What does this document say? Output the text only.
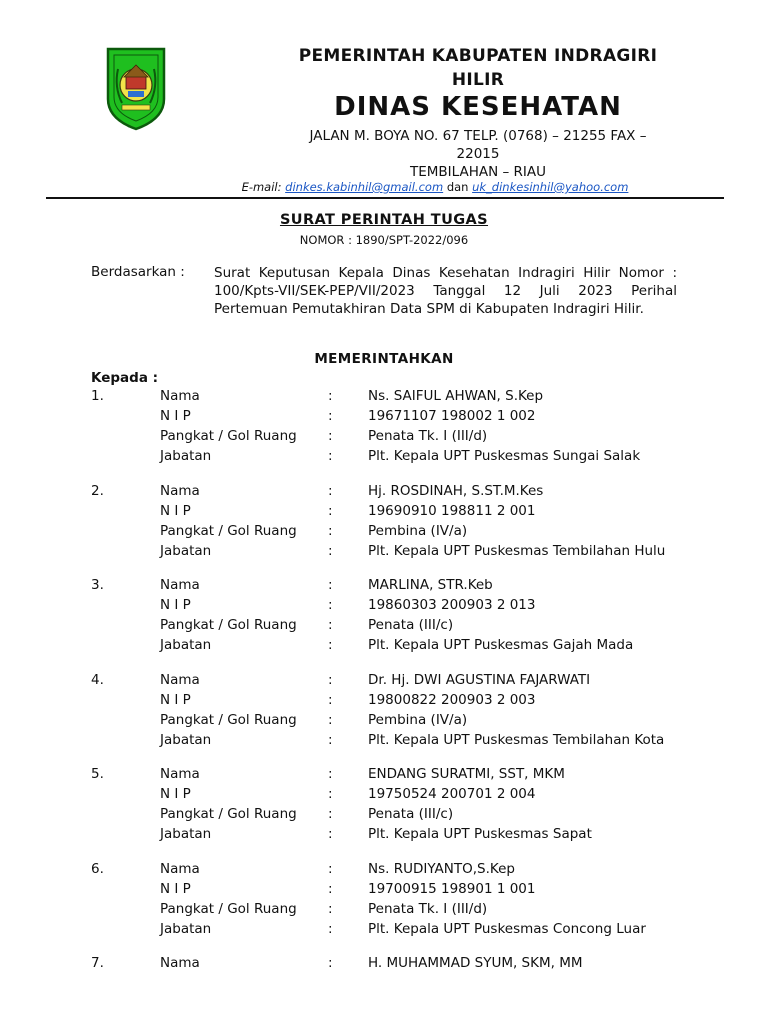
PEMERINTAH KABUPATEN INDRAGIRI
HILIR
DINAS KESEHATAN
JALAN M. BOYA NO. 67 TELP. (0768) – 21255 FAX –
22015
TEMBILAHAN – RIAU
E-mail: dinkes.kabinhil@gmail.com dan uk_dinkesinhil@yahoo.com
SURAT PERINTAH TUGAS
NOMOR : 1890/SPT-2022/096
Berdasarkan : Surat Keputusan Kepala Dinas Kesehatan Indragiri Hilir Nomor : 100/Kpts-VII/SEK-PEP/VII/2023 Tanggal 12 Juli 2023 Perihal Pertemuan Pemutakhiran Data SPM di Kabupaten Indragiri Hilir.
MEMERINTAHKAN
Kepada :
1.	Nama	:	Ns. SAIFUL AHWAN, S.Kep
N I P	:	19671107 198002 1 002
Pangkat / Gol Ruang :	Penata Tk. I (III/d)
Jabatan	:	Plt. Kepala UPT Puskesmas Sungai Salak
2.	Nama	:	Hj. ROSDINAH, S.ST.M.Kes
N I P	:	19690910 198811 2 001
Pangkat / Gol Ruang :	Pembina (IV/a)
Jabatan	:	Plt. Kepala UPT Puskesmas Tembilahan Hulu
3.	Nama	:	MARLINA, STR.Keb
N I P	:	19860303 200903 2 013
Pangkat / Gol Ruang :	Penata (III/c)
Jabatan	:	Plt. Kepala UPT Puskesmas Gajah Mada
4.	Nama	:	Dr. Hj. DWI AGUSTINA FAJARWATI
N I P	:	19800822 200903 2 003
Pangkat / Gol Ruang :	Pembina (IV/a)
Jabatan	:	Plt. Kepala UPT Puskesmas Tembilahan Kota
5.	Nama	:	ENDANG SURATMI, SST, MKM
N I P	:	19750524 200701 2 004
Pangkat / Gol Ruang :	Penata (III/c)
Jabatan	:	Plt. Kepala UPT Puskesmas Sapat
6.	Nama	:	Ns. RUDIYANTO,S.Kep
N I P	:	19700915 198901 1 001
Pangkat / Gol Ruang :	Penata Tk. I (III/d)
Jabatan	:	Plt. Kepala UPT Puskesmas Concong Luar
7.	Nama	:	H. MUHAMMAD SYUM, SKM, MM
